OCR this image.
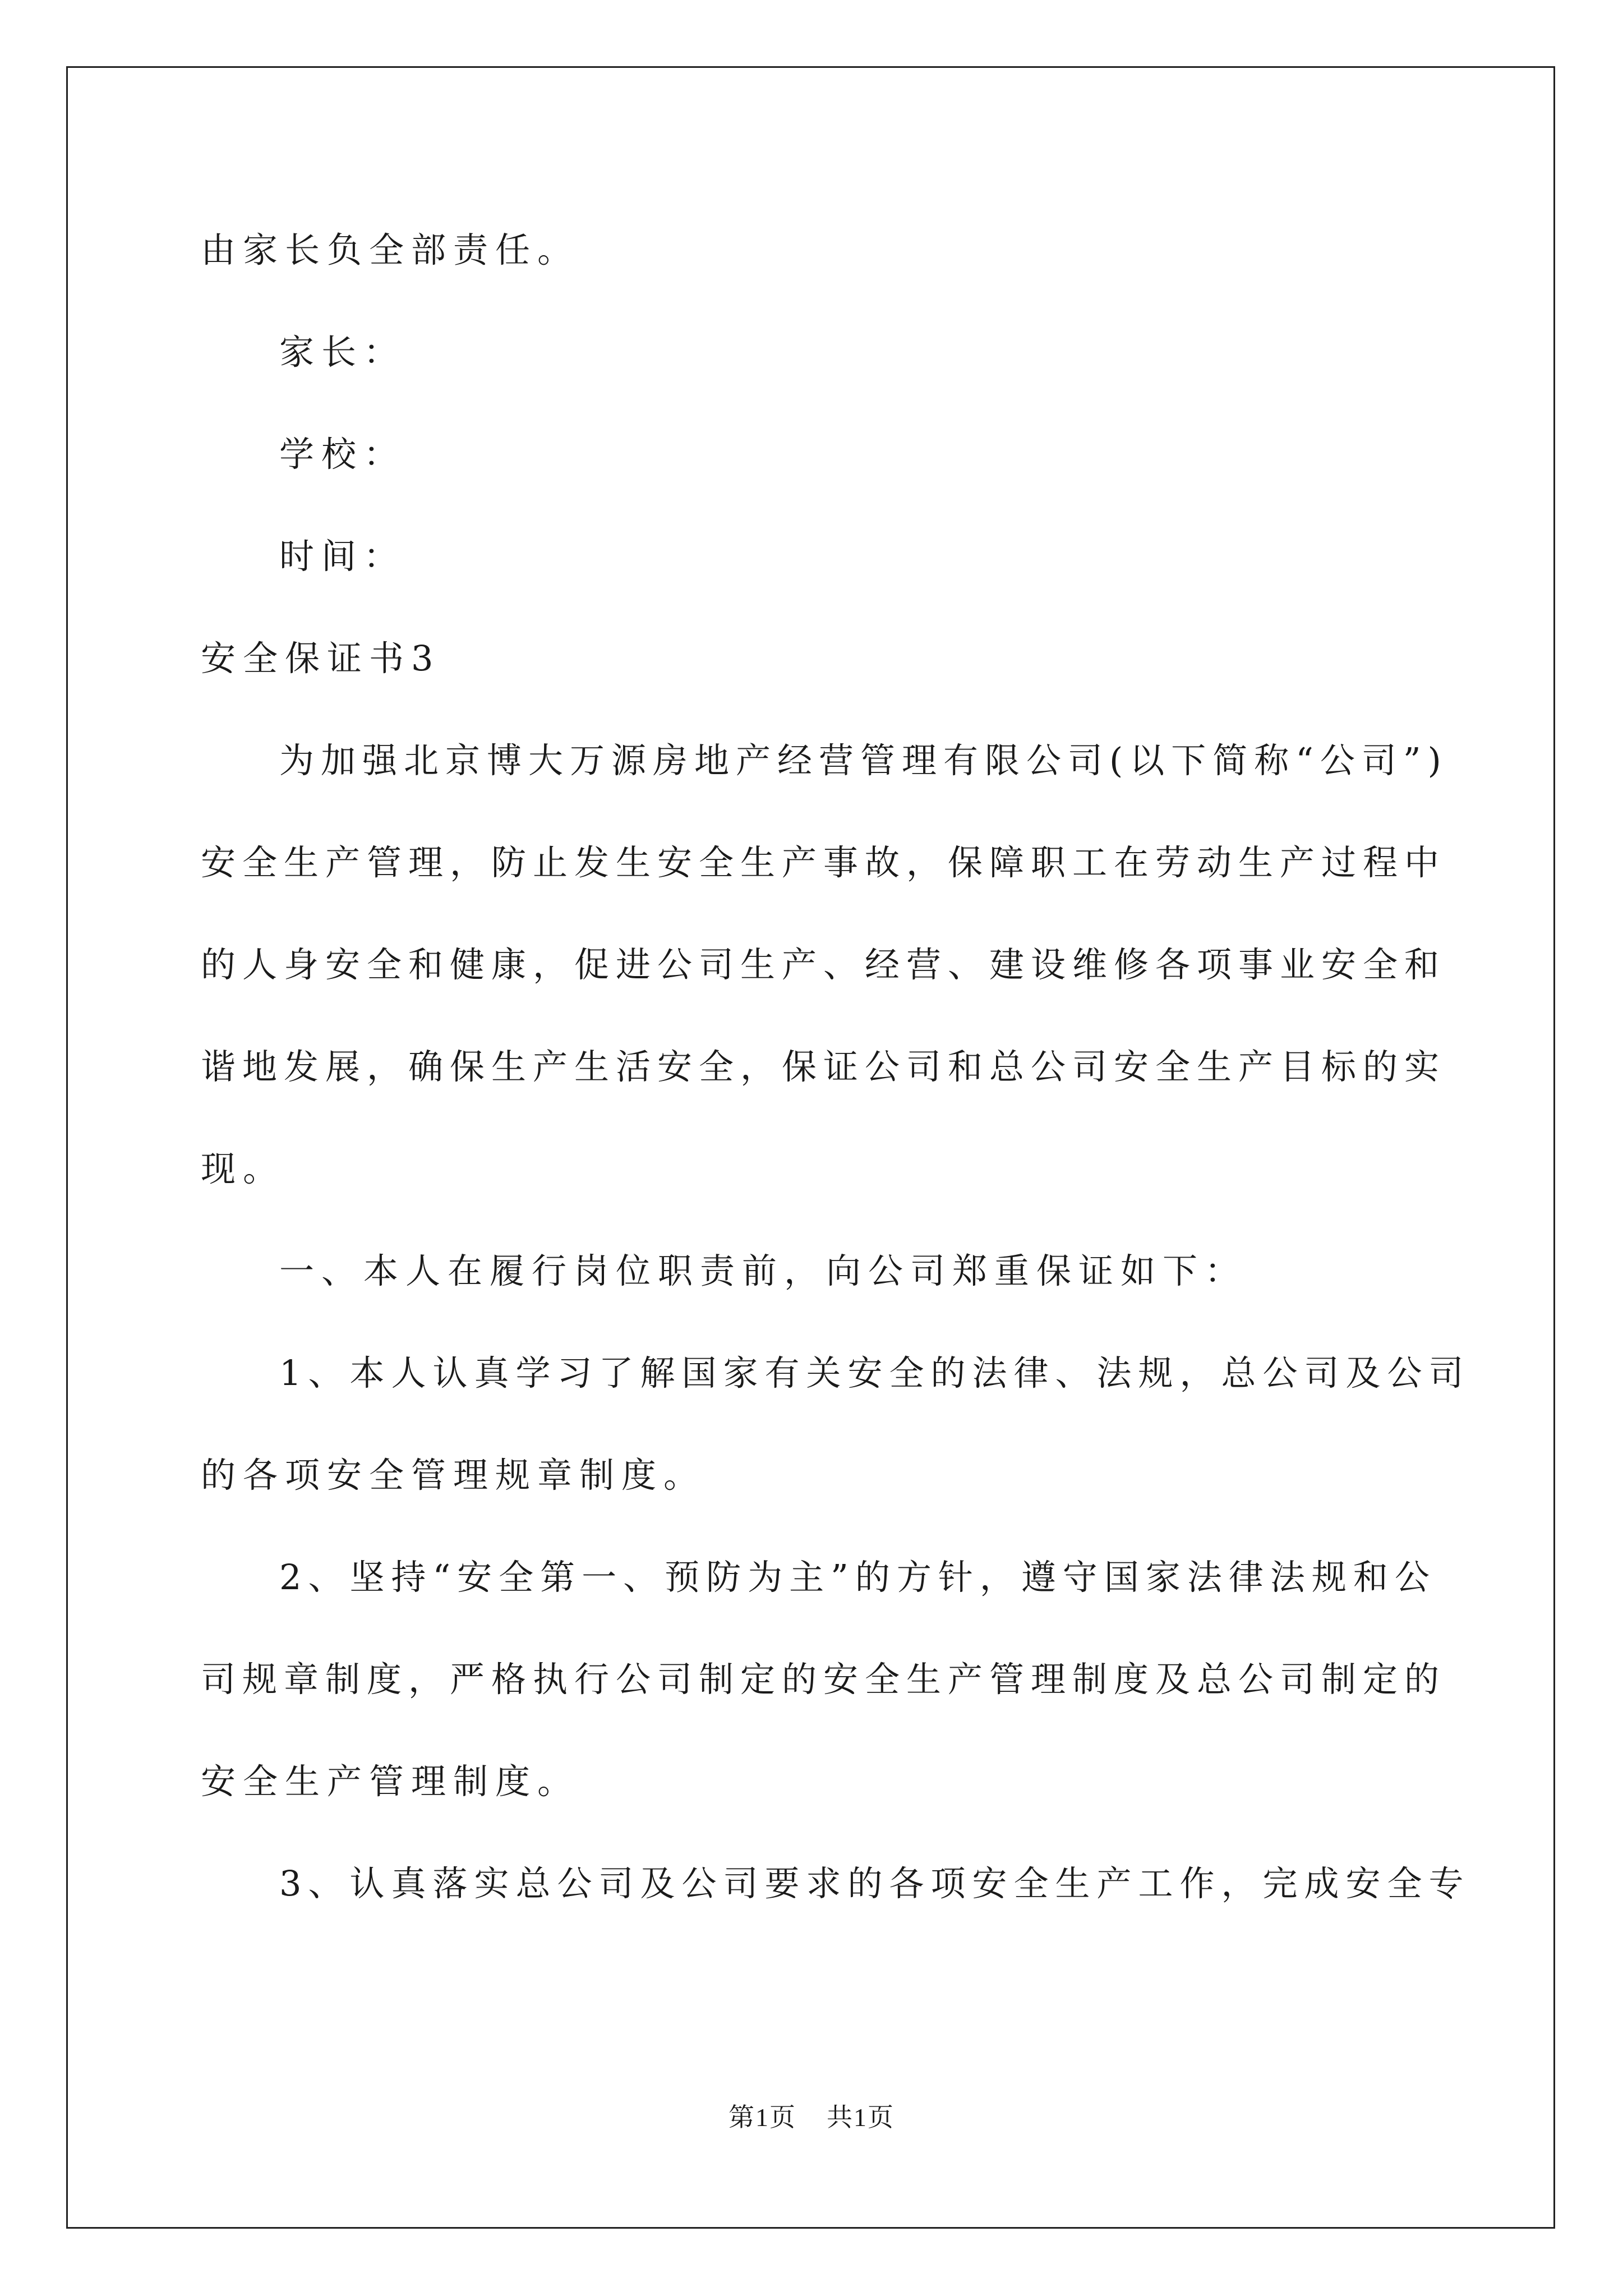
由家长负全部责任。
家长：
学校：
时间：
安全保证书3
为加强北京博大万源房地产经营管理有限公司(以下简称“公司”)
安全生产管理，防止发生安全生产事故，保障职工在劳动生产过程中
的人身安全和健康，促进公司生产、经营、建设维修各项事业安全和
谐地发展，确保生产生活安全，保证公司和总公司安全生产目标的实
现。
一、本人在履行岗位职责前，向公司郑重保证如下：
1、本人认真学习了解国家有关安全的法律、法规，总公司及公司
的各项安全管理规章制度。
2、坚持“安全第一、预防为主”的方针，遵守国家法律法规和公
司规章制度，严格执行公司制定的安全生产管理制度及总公司制定的
安全生产管理制度。
3、认真落实总公司及公司要求的各项安全生产工作，完成安全专
第1页 共1页
